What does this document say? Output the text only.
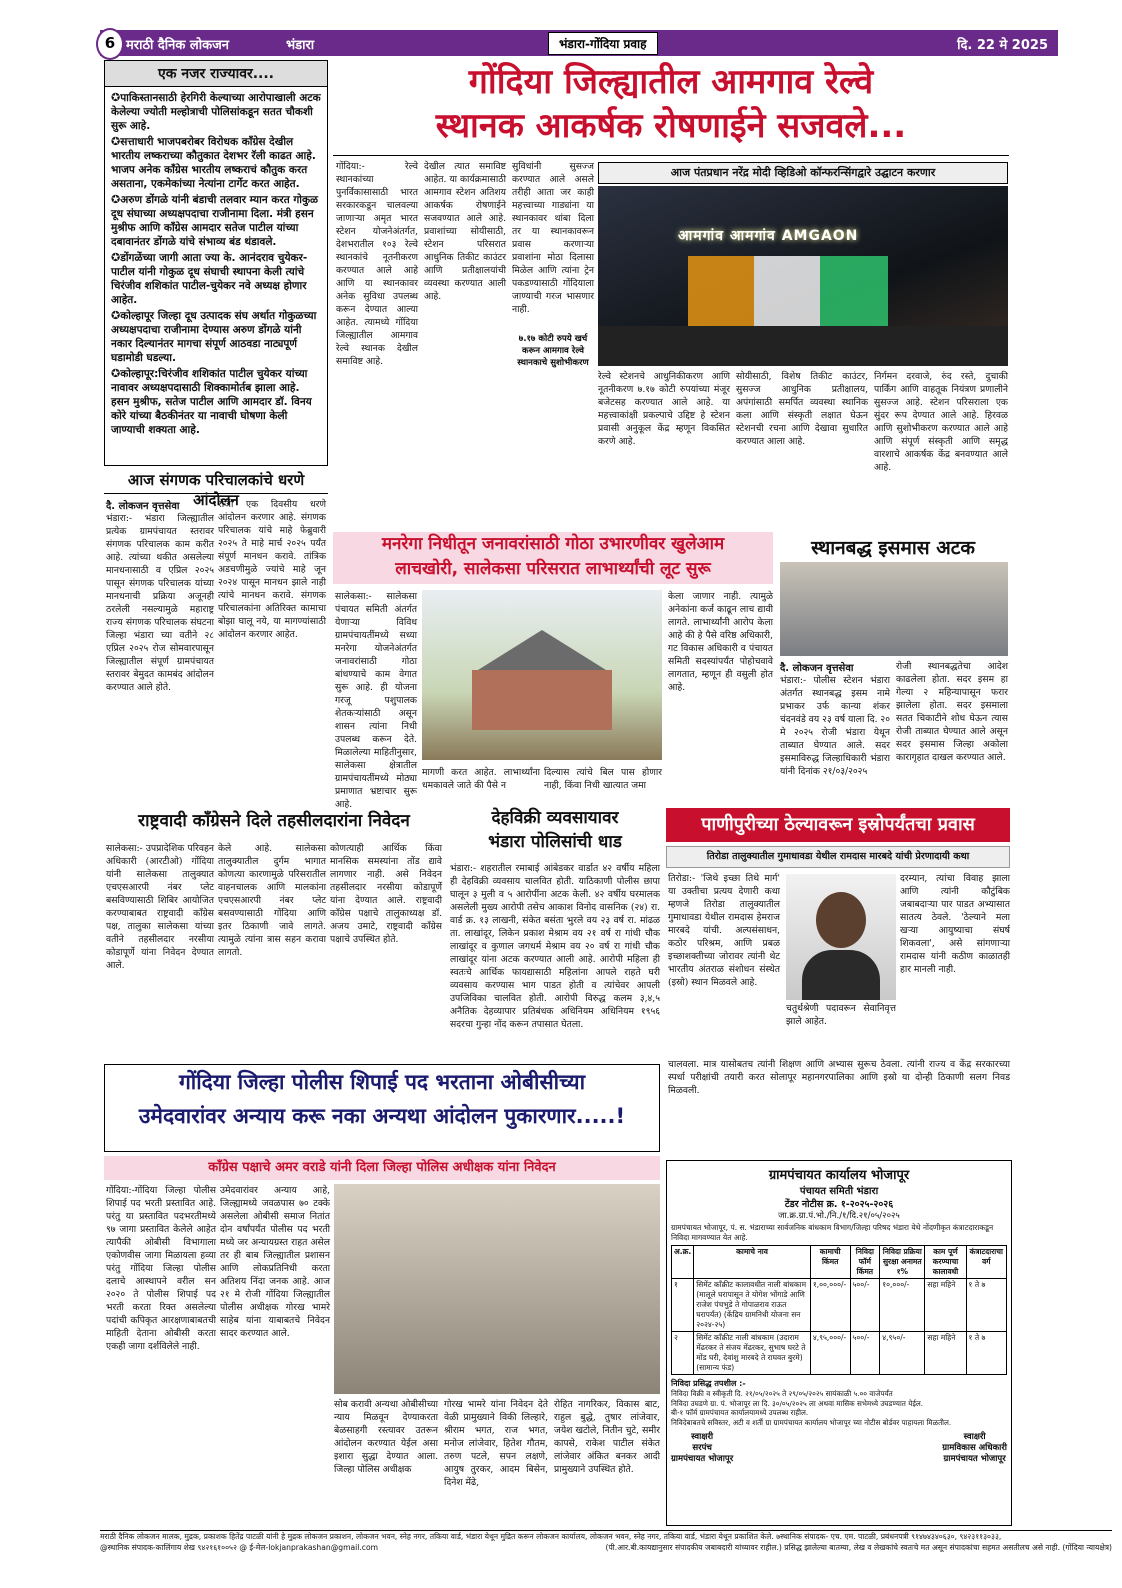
6 मराठी दैनिक लोकजन	भंडारा	भंडारा-गोंदिया प्रवाह	दि. 22 मे 2025
एक नजर राज्यावर....
✪ पाकिस्तानसाठी हेरगिरी केल्याच्या आरोपाखाली अटक केलेल्या ज्योती मल्होत्राची पोलिसांकडून सतत चौकशी सुरू आहे.
✪ सत्ताधारी भाजपबरोबर विरोधक काँग्रेस देखील भारतीय लष्कराच्या कौतुकात देशभर रॅली काढत आहे. भाजप अनेक काँग्रेस भारतीय लष्कराचं कौतुक करत असताना, एकमेकांच्या नेत्यांना टार्गेट करत आहेत.
✪ अरुण डोंगळे यांनी बंडाची तलवार म्यान करत गोकुळ दूध संघाच्या अध्यक्षपदाचा राजीनामा दिला. मंत्री हसन मुश्रीफ आणि काँग्रेस आमदार सतेज पाटील यांच्या दबावानंतर डोंगळे यांचे संभाव्य बंड थंडावले.
✪ डोंगळेंच्या जागी आता ज्या के. आनंदराव चुयेकर-पाटील यांनी गोकुळ दूध संघाची स्थापना केली त्यांचे चिरंजीव शशिकांत पाटील-चुयेकर नवे अध्यक्ष होणार आहेत.
✪ कोल्हापूर जिल्हा दूध उत्पादक संघ अर्थात गोकुळच्या अध्यक्षपदाचा राजीनामा देण्यास अरुण डोंगळे यांनी नकार दिल्यानंतर मागचा संपूर्ण आठवडा नाट्यपूर्ण घडामोडी घडल्या.
✪ कोल्हापूर:चिरंजीव शशिकांत पाटील चुयेकर यांच्या नावावर अध्यक्षपदासाठी शिक्कामोर्तब झाला आहे. हसन मुश्रीफ, सतेज पाटील आणि आमदार डॉ. विनय कोरे यांच्या बैठकीनंतर या नावाची घोषणा केली जाण्याची शक्यता आहे.
गोंदिया जिल्ह्यातील आमगाव रेल्वे
स्थानक आकर्षक रोषणाईने सजवले...
गोंदिया:- रेल्वे स्थानकांच्या पुनर्विकासासाठी भारत सरकारकडून चालवल्या जाणाऱ्या अमृत भारत स्टेशन योजनेअंतर्गत, देशभरातील १०३ रेल्वे स्थानकांचे नूतनीकरण करण्यात आले आहे आणि या स्थानकावर अनेक सुविधा उपलब्ध करून देण्यात आल्या आहेत. त्यामध्ये गोंदिया जिल्ह्यातील आमगाव रेल्वे स्थानक देखील समाविष्ट आहे.
देखील त्यात समाविष्ट आहेत. या कार्यक्रमासाठी आमगाव स्टेशन अतिशय आकर्षक रोषणाईने सजवण्यात आले आहे. प्रवाशांच्या सोयीसाठी, स्टेशन परिसरात आधुनिक तिकीट काउंटर आणि प्रतीक्षालयांची व्यवस्था करण्यात आली आहे.
सुविधांनी सुसज्ज करण्यात आले असले तरीही आता जर काही महत्त्वाच्या गाड्यांना या स्थानकावर थांबा दिला तर या स्थानकावरून प्रवास करणाऱ्या प्रवाशांना मोठा दिलासा मिळेल आणि त्यांना ट्रेन पकडण्यासाठी गोंदियाला जाण्याची गरज भासणार नाही.
७.१७ कोटी रुपये खर्च करून आमगाव रेल्वे स्थानकाचे सुशोभीकरण
आज पंतप्रधान नरेंद्र मोदी व्हिडिओ कॉन्फरन्सिंगद्वारे उद्घाटन करणार
आमगांव आमगांव AMGAON
रेल्वे स्टेशनचे आधुनिकीकरण आणि नूतनीकरण ७.१७ कोटी रुपयांच्या मंजूर बजेटसह करण्यात आले आहे. या महत्त्वाकांक्षी प्रकल्पाचे उद्दिष्ट हे स्टेशन प्रवासी अनुकूल केंद्र म्हणून विकसित करणे आहे.
सोयीसाठी, विशेष तिकीट काउंटर, सुसज्ज आधुनिक प्रतीक्षालय, अपंगांसाठी समर्पित व्यवस्था स्थानिक कला आणि संस्कृती लक्षात घेऊन स्टेशनची रचना आणि देखावा सुधारित करण्यात आला आहे.
निर्गमन दरवाजे, रुंद रस्ते, दुचाकी पार्किंग आणि वाहतूक नियंत्रण प्रणालीने सुसज्ज आहे. स्टेशन परिसराला एक सुंदर रूप देण्यात आले आहे. हिरवळ आणि सुशोभीकरण करण्यात आले आहे आणि संपूर्ण संस्कृती आणि समृद्ध वारशाचे आकर्षक केंद्र बनवण्यात आले आहे.
आज संगणक परिचालकांचे धरणे आंदोलन
दै. लोकजन वृत्तसेवा
भंडारा:- भंडारा जिल्ह्यातील प्रत्येक ग्रामपंचायत स्तरावर संगणक परिचालक काम करीत आहे. त्यांच्या थकीत असलेल्या मानधनासाठी व एप्रिल २०२५ पासून संगणक परिचालक यांच्या मानधनाची प्रक्रिया अजूनही ठरलेली नसल्यामुळे महाराष्ट्र राज्य संगणक परिचालक संघटना जिल्हा भंडारा च्या वतीने २८ एप्रिल २०२५ रोज सोमवारपासून जिल्ह्यातील संपूर्ण ग्रामपंचायत स्तरावर बेमुदत कामबंद आंदोलन करण्यात आले होते.
रोजी एक दिवसीय धरणे आंदोलन करणार आहे. संगणक परिचालक यांचे माहे फेब्रुवारी २०२५ ते माहे मार्च २०२५ पर्यंत संपूर्ण मानधन करावे. तांत्रिक अडचणीमुळे ज्यांचे माहे जून २०२४ पासून मानधन झाले नाही त्यांचे मानधन करावे. संगणक परिचालकांना अतिरिक्त कामाचा बोझा घालू नये, या मागण्यांसाठी आंदोलन करणार आहेत.
मनरेगा निधीतून जनावरांसाठी गोठा उभारणीवर खुलेआम
लाचखोरी, सालेकसा परिसरात लाभार्थ्यांची लूट सुरू
सालेकसा:- सालेकसा पंचायत समिती अंतर्गत येणाऱ्या विविध ग्रामपंचायतींमध्ये सध्या मनरेगा योजनेअंतर्गत जनावरांसाठी गोठा बांधण्याचे काम वेगात सुरू आहे. ही योजना गरजू पशुपालक शेतकऱ्यांसाठी असून शासन त्यांना निधी उपलब्ध करून देते. मिळालेल्या माहितीनुसार, सालेकसा क्षेत्रातील ग्रामपंचायतींमध्ये मोठ्या प्रमाणात भ्रष्टाचार सुरू आहे.
मागणी करत आहेत. लाभार्थ्यांना धमकावले जाते की पैसे न
दिल्यास त्यांचे बिल पास होणार नाही, किंवा निधी खात्यात जमा
केला जाणार नाही. त्यामुळे अनेकांना कर्ज काढून लाच द्यावी लागते. लाभार्थ्यांनी आरोप केला आहे की हे पैसे वरिष्ठ अधिकारी, गट विकास अधिकारी व पंचायत समिती सदस्यांपर्यंत पोहोचवावे लागतात, म्हणून ही वसुली होत आहे.
स्थानबद्ध इसमास अटक
दै. लोकजन वृत्तसेवा
भंडारा:- पोलीस स्टेशन भंडारा अंतर्गत स्थानबद्ध इसम नामे प्रभाकर उर्फ कान्या शंकर चंदनवंडे वय २३ वर्ष याला दि. २० मे २०२५ रोजी भंडारा येथून ताब्यात घेण्यात आले. सदर इसमाविरुद्ध जिल्हाधिकारी भंडारा यांनी दिनांक २१/०३/२०२५
रोजी स्थानबद्धतेचा आदेश काढलेला होता. सदर इसम हा गेल्या २ महिन्यापासून फरार झालेला होता. सदर इसमाला सतत चिकाटीने शोध घेऊन त्यास रोजी ताब्यात घेण्यात आले असून सदर इसमास जिल्हा अकोला कारागृहात दाखल करण्यात आले.
राष्ट्रवादी काँग्रेसने दिले तहसीलदारांना निवेदन
सालेकसा:- उपप्रादेशिक परिवहन अधिकारी (आरटीओ) गोंदिया यांनी सालेकसा तालुक्यात एचएसआरपी नंबर प्लेट बसविण्यासाठी शिबिर आयोजित करण्याबाबत राष्ट्रवादी काँग्रेस पक्ष, तालुका सालेकसा यांच्या वतीने तहसीलदार नरसीया कोडापूर्णे यांना निवेदन देण्यात आले.
केले आहे. सालेकसा तालुक्यातील दुर्गम भागात कोणत्या कारणामुळे परिसरातील वाहनचालक आणि मालकांना एचएसआरपी नंबर प्लेट बसवण्यासाठी गोंदिया आणि इतर ठिकाणी जावे लागते. त्यामुळे त्यांना त्रास सहन करावा लागतो.
कोणत्याही आर्थिक किंवा मानसिक समस्यांना तोंड द्यावे लागणार नाही. असे निवेदन तहसीलदार नरसीया कोडापूर्णे यांना देण्यात आले. राष्ट्रवादी काँग्रेस पक्षाचे तालुकाध्यक्ष डॉ. अजय उमाटे, राष्ट्रवादी काँग्रेस पक्षाचे उपस्थित होते.
देहविक्री व्यवसायावर
भंडारा पोलिसांची धाड
भंडारा:- शहरातील रमाबाई आंबेडकर वार्डात ४२ वर्षीय महिला ही देहविक्री व्यवसाय चालवित होती. याठिकाणी पोलीस छापा घालून ३ मुली व ५ आरोपींना अटक केली. ४२ वर्षीय घरमालक असलेली मुख्य आरोपी तसेच आकाश विनोद वासनिक (२४) रा. वार्ड क्र. १३ लाखनी, संकेत बसंता भुरले वय २३ वर्ष रा. मांढळ ता. लाखांदूर, लिकेन प्रकाश मेश्राम वय २१ वर्ष रा गांधी चौक लाखांदूर व कुणाल जगधर्म मेश्राम वय २० वर्ष रा गांधी चौक लाखांदूर यांना अटक करण्यात आली आहे. आरोपी महिला ही स्वतःचे आर्थिक फायद्यासाठी महिलांना आपले राहते घरी व्यवसाय करण्यास भाग पाडत होती व त्यांचेवर आपली उपजिविका चालवित होती. आरोपी विरुद्ध कलम ३,४,५ अनैतिक देहव्यापार प्रतिबंधक अधिनियम अधिनियम १९५६ सदरचा गुन्हा नोंद करून तपासात घेतला.
पाणीपुरीच्या ठेल्यावरून इस्रोपर्यंतचा प्रवास
तिरोडा तालुक्यातील गुमाधावडा येथील रामदास मारबदे यांची प्रेरणादायी कथा
तिरोडा:- 'जिथे इच्छा तिथे मार्ग' या उक्तीचा प्रत्यय देणारी कथा म्हणजे तिरोडा तालुक्यातील गुमाधावडा येथील रामदास हेमराज मारबदे यांची. अल्पसंसाधन, कठोर परिश्रम, आणि प्रबळ इच्छाशक्तीच्या जोरावर त्यांनी थेट भारतीय अंतराळ संशोधन संस्थेत (इस्रो) स्थान मिळवले आहे.
चतुर्थश्रेणी पदावरून सेवानिवृत्त झाले आहेत.
दरम्यान, त्यांचा विवाह झाला आणि त्यांनी कौटुंबिक जबाबदाऱ्या पार पाडत अभ्यासात सातत्य ठेवले. 'ठेल्याने मला खऱ्या आयुष्याचा संघर्ष शिकवला', असे सांगणाऱ्या रामदास यांनी कठीण काळातही हार मानली नाही.
चालवला. मात्र यासोबतच त्यांनी शिक्षण आणि अभ्यास सुरूच ठेवला. त्यांनी राज्य व केंद्र सरकारच्या स्पर्धा परीक्षांची तयारी करत सोलापूर महानगरपालिका आणि इस्रो या दोन्ही ठिकाणी सलग निवड मिळवली.
गोंदिया जिल्हा पोलीस शिपाई पद भरताना ओबीसीच्या
उमेदवारांवर अन्याय करू नका अन्यथा आंदोलन पुकारणार.....!
काँग्रेस पक्षाचे अमर वराडे यांनी दिला जिल्हा पोलिस अधीक्षक यांना निवेदन
गोंदिया:-गोंदिया जिल्हा पोलीस शिपाई पद भरती प्रस्तावित आहे. परंतु या प्रस्तावित पदभरतीमध्ये ९७ जागा प्रस्तावित केलेले आहेत त्यापैकी ओबीसी विभागाला एकोणवीस जागा मिळायला हव्या परंतु गोंदिया जिल्हा पोलीस दलाचे आस्थापने वरील सन २०२० ते पोलीस शिपाई पद भरती करता रिक्त असलेल्या पदांची कपिकृत आरक्षणाबाबतची माहिती देताना ओबीसी करता एकही जागा दर्शविलेले नाही.
उमेदवारांवर अन्याय आहे, जिल्ह्यामध्ये जवळपास ७० टक्के असलेला ओबीसी समाज नितांत दोन वर्षांपर्यंत पोलीस पद भरती मध्ये जर अन्यायग्रस्त राहत असेल तर ही बाब जिल्ह्यातील प्रशासन आणि लोकप्रतिनिधी करता अतिशय निंदा जनक आहे. आज २१ मे रोजी गोंदिया जिल्ह्यातील पोलीस अधीक्षक गोरख भामरे साहेब यांना याबाबतचे निवेदन सादर करण्यात आले.
सोब करावी अन्यथा ओबीसीच्या न्याय मिळवून देण्याकरता बेळसाहगी रस्त्यावर उतरून आंदोलन करण्यात येईल असा इशारा सुद्धा देण्यात आला. जिल्हा पोलिस अधीक्षक
गोरख भामरे यांना निवेदन देते वेळी प्रामुख्याने विकी लिल्हारे, श्रीराम भगत, राज भगत, मनोज लांजेवार, हितेश गौतम, तरुण पटले, सपन लक्षणे, आयुष तुरकर, आदम बिसेन, दिनेश मेंढे,
रोहित नागरिकर, विकास बाट, राहुल बुद्धे, तुषार लांजेवार, जयेश खटोले, नितीन चुटे, समीर कापसे, राकेश पाटील संकेत लांजेवार अंकित बनकर आदी प्रामुख्याने उपस्थित होते.
ग्रामपंचायत कार्यालय भोजापूर
पंचायत समिती भंडारा
टेंडर नोटीस क्र. १-२०२५-२०२६
जा.क्र.ग्रा.पं.भो./नि./१/दि.२१/०५/२०२५
ग्रामपंचायत भोजापूर, पं. स. भंडाराच्या सार्वजनिक बांधकाम विभाग/जिल्हा परिषद भंडारा येथे नोंदणीकृत कंत्राटदाराकडून निविदा मागवण्यात येत आहे.
अ.क्र.	कामाचे नाव	कामाची किंमत	निविदा फॉर्म किंमत	निविदा प्रक्रिया सुरक्षा अनामत १%	काम पूर्ण करण्याचा कालावधी	कंत्राटदाराचा वर्ग
१	सिमेंट काँक्रीट कालावधीत नाली बांधकाम (मालूले घरापासून ते योगेश भोंगाडे आणि राजेश पंचभुडे ते गोपाळराव राऊत घरापर्यंत) (केंद्रिय ग्रामनिधी योजना सन २०२४-२५)	१,००,०००/-	५००/-	१०,०००/-	सहा महिने	१ ते ७
२	सिमेंट काँक्रीट नाली बांधकाम (उदाराम मेंढरकर ते संजय मेंढरकर, सुभाष घरटे ते मोंड घरी, देवांशु मारबदे ते राघवत बुरमे) (सामान्य फंड)	४,९५,०००/-	५००/-	४,९५०/-	सहा महिने	१ ते ७
निविदा प्रसिद्ध तपशील :-
निविदा विक्री व स्वीकृती दि. २१/०५/२०२५ ते २९/०५/२०२५ सायंकाळी ५.०० वाजेपर्यंत
निविदा उघडणे ग्रा. पं. भोजापूर ला दि. ३०/०५/२०२५ ला अथवा मासिक सभेमध्ये उघडण्यात येईल.
बी-१ फॉर्म ग्रामपंचायत कार्यालयामध्ये उपलब्ध राहील.
निविदेबाबतचे सविस्तर, अटी व शर्ती ग्रा ग्रामपंचायत कार्यालय भोजापूर च्या नोटीस बोर्डवर पाहायला मिळतील.
स्वाक्षरी
सरपंच
ग्रामपंचायत भोजापूर
स्वाक्षरी
ग्रामविकास अधिकारी
ग्रामपंचायत भोजापूर
मराठी दैनिक लोकजन मालक, मुद्रक, प्रकाशक हितेंद्र पाटळी यांनी हे मुद्रक लोकजन प्रकाशन, लोकजन भवन, स्नेह नगर, तकिया वार्ड, भंडारा येथून मुद्रित करून लोकजन कार्यालय, लोकजन भवन, स्नेह नगर, तकिया वार्ड, भंडारा येथून प्रकाशित केले. ७स्थानिक संपादक- एच. एम. पाटळी, प्रबंधनपत्री ९१४७४३४०६३०, ९४२३११३०३३,
@स्थानिक संपादक-कालिंगाय शेख ९४२१६१००५२ @ ई-मेल-lokjanprakashan@gmail.com	(पी.आर.बी.कायद्यानुसार संपादकीय जबाबदारी यांच्यावर राहील.) प्रसिद्ध झालेल्या बातम्या, लेख व लेखकांचे स्वतःचे मत असून संपादकांचा सहमत असतीलच असे नाही. (गोंदिया न्यायक्षेत्र)
